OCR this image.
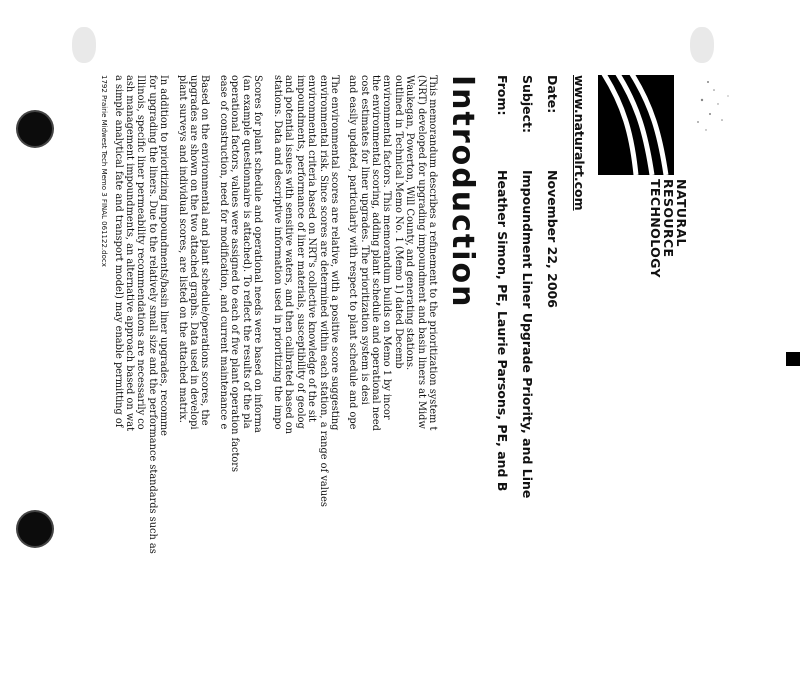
NATURAL
RESOURCE
TECHNOLOGY
www.naturalrt.com
Date:November 22, 2006
Subject:Impoundment Liner Upgrade Priority, and Line
From:Heather Simon, PE, Laurie Parsons, PE, and B
Introduction
This memorandum describes a refinement to the prioritization system t
(NRT) developed for upgrading impoundment and basin liners at Midw
Waukegan, Powerton, Will County, and generating stations.
outlined in Technical Memo No. 1 (Memo 1) dated Decemb
environmental factors. This memorandum builds on Memo 1 by incor
the environmental scoring, adding plant schedule and operational need
cost estimates for liner upgrades. The prioritization system is desi
and easily updated, particularly with respect to plant schedule and ope
The environmental scores are relative, with a positive score suggesting
environmental risk. Since scores are determined within each station, a range of values
environmental criteria based on NRT's collective knowledge of the sit
impoundments, performance of liner materials, susceptibility of geolog
and potential issues with sensitive waters, and then calibrated based on
stations. Data and descriptive information used in prioritizing the impo
Scores for plant schedule and operational needs were based on informa
(an example questionnaire is attached). To reflect the results of the pla
operational factors, values were assigned to each of five plant operation factors
ease of construction, need for modification, and current maintenance e
1792 Prairie Midwest Tech Memo 3 FINAL 061122.docx	Based on the environmental and plant schedule/operations scores, the
upgrades are shown on the two attached graphs. Data used in developi
plant surveys and individual scores, are listed on the attached matrix.
In addition to prioritizing impoundments/basin liner upgrades, recomme
for upgrading the liners. Due to the relatively small size and the performance standards such as
Illinois, specific liner permeability recommendations are necessarily co
ash management impoundments, an alternative approach based on wat
a simple analytical fate and transport model) may enable permitting of
